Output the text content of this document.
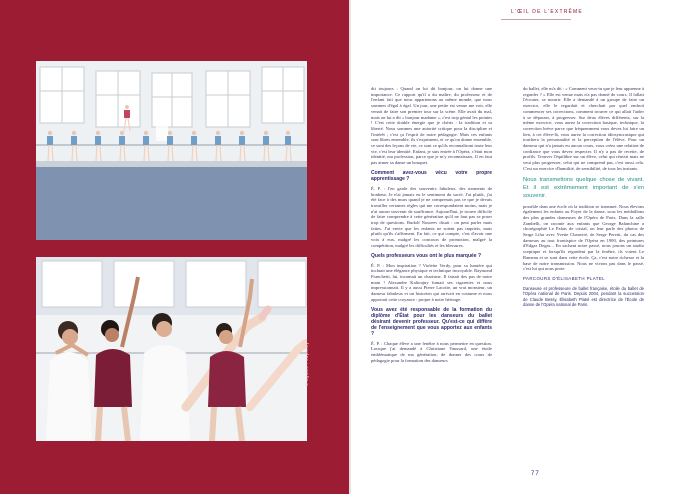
© Agathe Poupeney
L'ŒIL DE L'EXTRÊME

dit toujours : Quand on lui dit bonjour, on lui donne une importance. Ce rapport qu'il a du maître, du professeur et de l'enfant fait que nous appartenons au même monde, que nous sommes d'égal à égal. Un jour, une petite est venue me voir, elle venait de faire son premier tour sur la scène. Elle avait du mal, mais on lui a dit « bonjour madame », c'est trop génial les pointes ! C'est cette double énergie que je chéris : la tradition et sa liberté. Nous sommes une autorité critique pour la discipline et l'intérêt ; c'est ça l'esprit de notre pédagogie. Mais ces enfants sont libres ensemble, ils s'expriment, et ce qu'on donne ensemble, ce sont des leçons de vie, ce sont ce qu'ils reconnaîtront toute leur vie, c'est leur identité. Enfant, je suis entrée à l'Opéra, c'était mon identité, ma profession, parce que je m'y reconnaissais. Il en faut pas aimer sa danse un bouquet.

Comment avez-vous vécu votre propre apprentissage ?

É. P. : J'en garde des souvenirs fabuleux, des moments de bonheur. Je n'ai jamais eu le sentiment du sacré. J'ai plutôt, j'ai été face à des murs quand je ne comprenais pas ce que je devais travailler certaines règles qui me correspondaient moins, mais je n'ai aucun souvenir de souffrance. Aujourd'hui, je trouve difficile de faire comprendre à cette génération qu'il ne faut pas se poser trop de questions. Rudolf Noureev disait : on peut parler mais faites. J'ai envie que les enfants ne soient pas inquiets, mais plutôt qu'ils s'affirment. En fait, ce qui compte, c'est d'avoir une voix à eux, malgré les concours de promotion, malgré la compétition, malgré les difficultés et les blessures.

Quels professeurs vous ont le plus marquée ?

É. P. : Mon inspiration ? Violette Verdy, pour sa lumière qui incluait une élégance physique et technique incroyable. Raymond Franchetti, lui, incarnait un charisme. Il faisait des pas de notre main ! Alexandre Kalioujny fumait ses cigarettes et nous impressionnait. Il y a aussi Pierre Lacotte, un vrai monsieur, un danseur fabuleux et un historien qui arrivait en costume et nous apportait cette croyance : propre à notre héritage.

Vous avez été responsable de la formation du diplôme d'État pour les danseurs du ballet désirant devenir professeur. Qu'est-ce qui diffère de l'enseignement que vous apportez aux enfants ?

É. P. : Chaque élève a une fenêtre à nous permettre en question. Lorsque j'ai demandé à Christiane Vaussard, une étoile emblématique de ma génération, de donner des cours de pédagogie pour la formation des danseurs

du ballet, elle m'a dit : « Comment veux-tu que je leur apprenne à regarder ? » Elle est venue mais n'a pas donné de cours. Il fallait l'écouter, se nourrir. Elle a demandé à un groupe de faire un exercice, elle le regardait et cherchait par quel endroit commencer ses corrections, comment trouver ce qui allait l'aider à se dépasser, à progresser. Sur deux élèves différents, sur la même exercice, vous aurez la correction basique, technique, la correction brève parce que fréquemment vous devez lui faire un lien, à cet élève-là, vous aurez la correction idiosyncrasique qui touchera la personnalité et la perception de l'élève. Pour un danseur qui n'a jamais eu aucun cours, vous créez une relation de confiance que vous devez respecter. Il n'y a pas de recette, de profils. Trouver l'équilibre sur un élève, celui qui réussit mais ne veut plus progresser, celui qui ne comprend pas, c'est aussi cela. C'est un exercice d'humilité, de sensibilité, de tous les instants.

Nous transmettons quelque chose de vivant. Et il est extrêmement important de s'en souvenir.

possible dans une école où la tradition se transmet. Nous élevons également les enfants au Foyer de la danse, sous les médaillons des plus grandes danseuses de l'Opéra de Paris. Dans la salle Zambelli, on raconte aux enfants que George Balanchine a chorégraphié Le Palais de cristal, on leur parle des photos de Serge Lifar avec Yvette Chauviré, de Serge Peretti, du cas des danseurs au tout frontispice de l'Opéra en 1900, des peintures d'Edgar Degas... En sachant notre passé, nous jouons un studio sceptique et lorsqu'ils regardent par la fenêtre, ils voient Le Rameau et se sont dans cette école. Ça, c'est notre richesse et la base de notre transmission. Nous ne vivons pas dans le passé, c'est lui qui nous porte.

PARCOURS D'ÉLISABETH PLATEL

Danseuse et professeure de ballet française, étoile du ballet de l'Opéra national de Paris. Depuis 2004, pendant la succession de Claude Bessy, Élisabeth Platel est directrice de l'École de danse de l'Opéra national de Paris.

77
